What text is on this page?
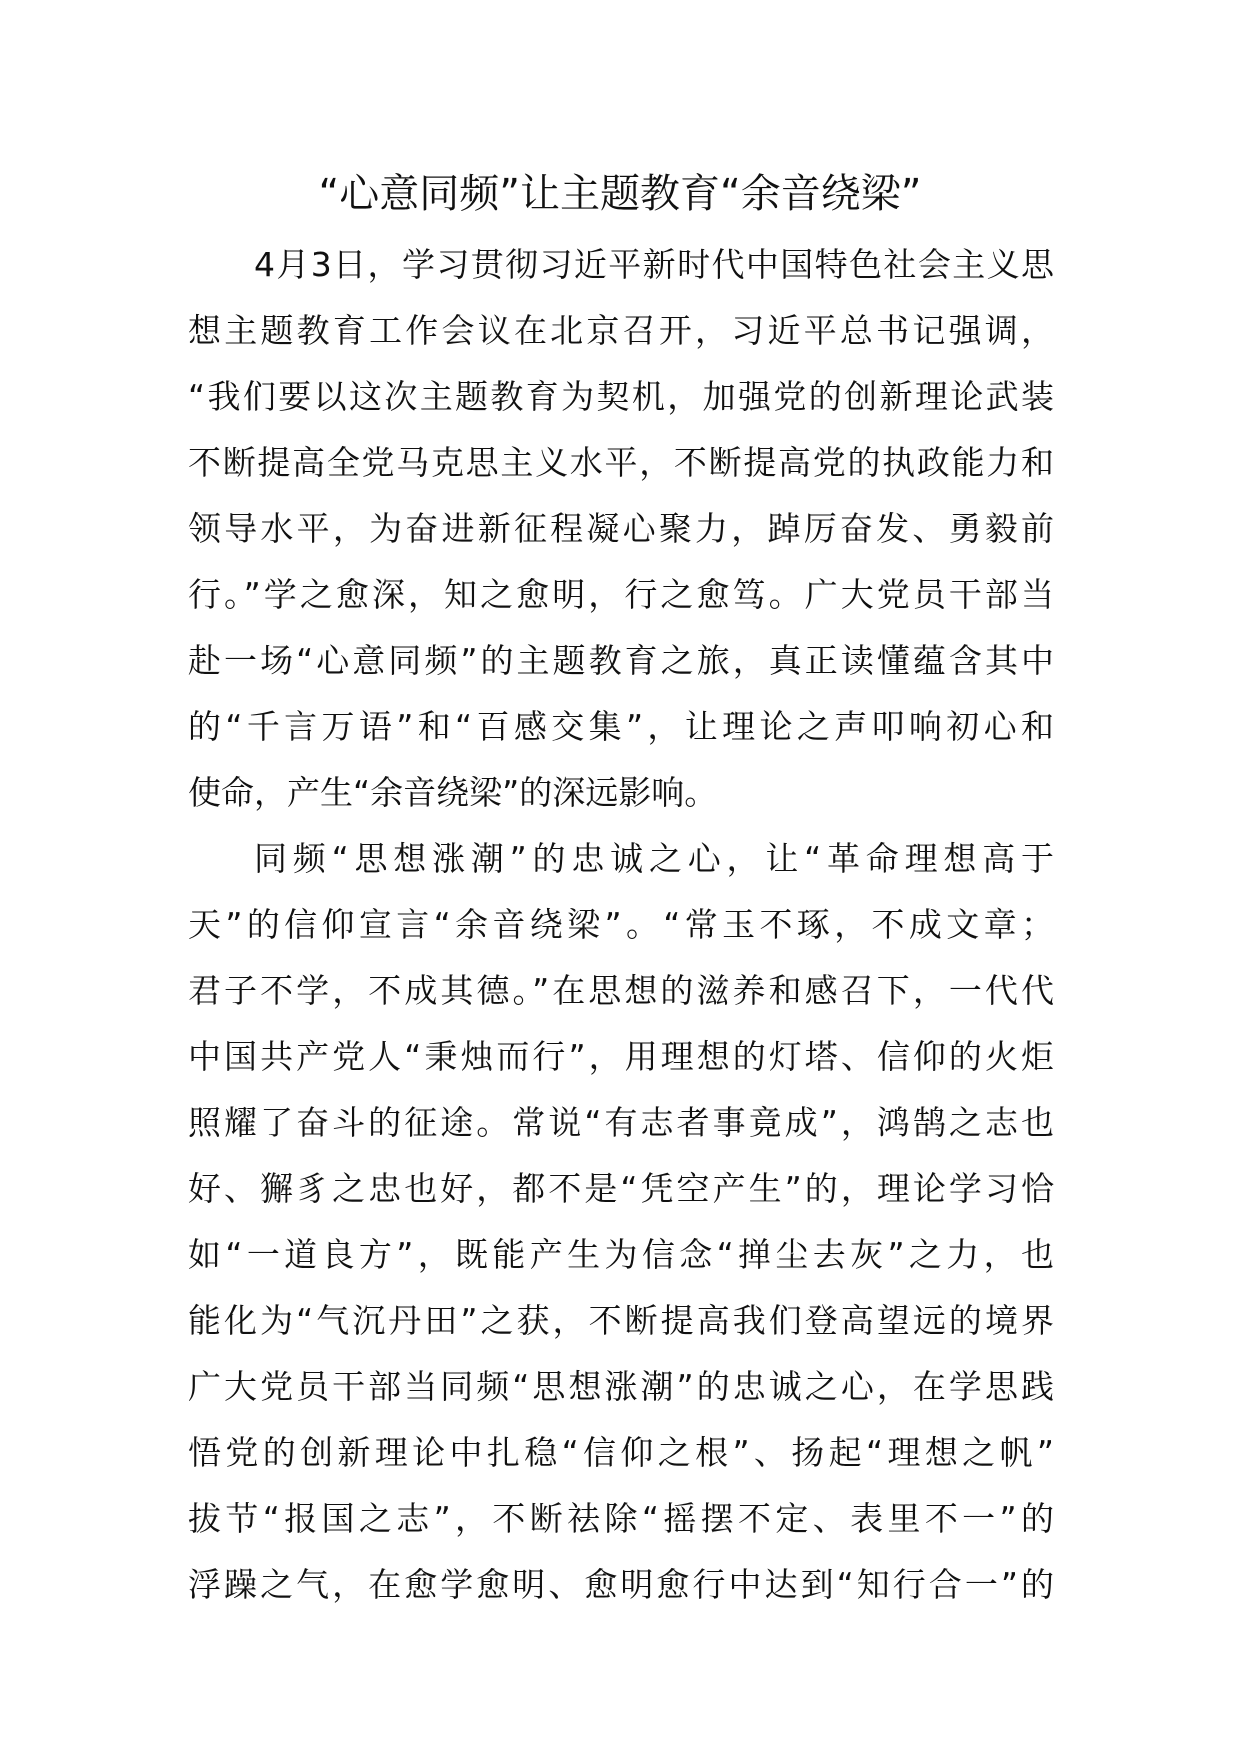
“心意同频”让主题教育“余音绕梁”
4月3日，学习贯彻习近平新时代中国特色社会主义思
想主题教育工作会议在北京召开，习近平总书记强调，
“我们要以这次主题教育为契机，加强党的创新理论武装
不断提高全党马克思主义水平，不断提高党的执政能力和
领导水平，为奋进新征程凝心聚力，踔厉奋发、勇毅前
行。”学之愈深，知之愈明，行之愈笃。广大党员干部当
赴一场“心意同频”的主题教育之旅，真正读懂蕴含其中
的“千言万语”和“百感交集”，让理论之声叩响初心和
使命，产生“余音绕梁”的深远影响。
同频“思想涨潮”的忠诚之心，让“革命理想高于
天”的信仰宣言“余音绕梁”。“常玉不琢，不成文章；
君子不学，不成其德。”在思想的滋养和感召下，一代代
中国共产党人“秉烛而行”，用理想的灯塔、信仰的火炬
照耀了奋斗的征途。常说“有志者事竟成”，鸿鹄之志也
好、獬豸之忠也好，都不是“凭空产生”的，理论学习恰
如“一道良方”，既能产生为信念“掸尘去灰”之力，也
能化为“气沉丹田”之获，不断提高我们登高望远的境界
广大党员干部当同频“思想涨潮”的忠诚之心，在学思践
悟党的创新理论中扎稳“信仰之根”、扬起“理想之帆”
拔节“报国之志”，不断祛除“摇摆不定、表里不一”的
浮躁之气，在愈学愈明、愈明愈行中达到“知行合一”的
